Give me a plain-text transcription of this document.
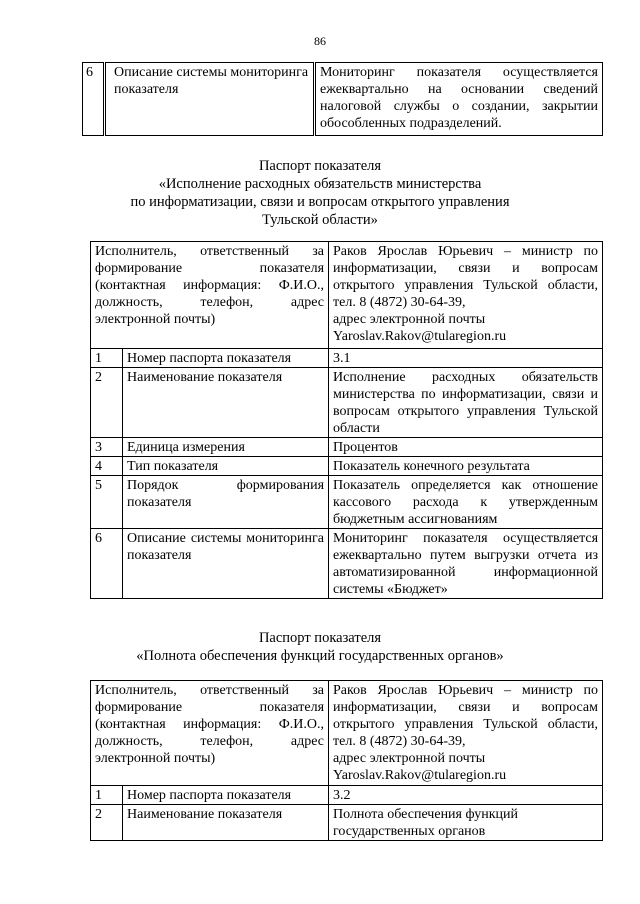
86
6	Описание системы мониторинга показателя	Мониторинг показателя осуществляется ежеквартально на основании сведений налоговой службы о создании, закрытии обособленных подразделений.
Паспорт показателя
«Исполнение расходных обязательств министерства
по информатизации, связи и вопросам открытого управления
Тульской области»
Исполнитель, ответственный за формирование показателя (контактная информация: Ф.И.О., должность, телефон, адрес электронной почты)		Раков Ярослав Юрьевич – министр по информатизации, связи и вопросам открытого управления Тульской области, тел. 8 (4872) 30-64-39,
адрес электронной почты
Yaroslav.Rakov@tularegion.ru

1	Номер паспорта показателя	3.1
2	Наименование показателя	Исполнение расходных обязательств министерства по информатизации, связи и вопросам открытого управления Тульской области
3	Единица измерения	Процентов
4	Тип показателя	Показатель конечного результата
5	Порядок формирования показателя	Показатель определяется как отношение кассового расхода к утвержденным бюджетным ассигнованиям
6	Описание системы мониторинга показателя	Мониторинг показателя осуществляется ежеквартально путем выгрузки отчета из автоматизированной информационной системы «Бюджет»
Паспорт показателя
«Полнота обеспечения функций государственных органов»
Исполнитель, ответственный за формирование показателя (контактная информация: Ф.И.О., должность, телефон, адрес электронной почты)		Раков Ярослав Юрьевич – министр по информатизации, связи и вопросам открытого управления Тульской области, тел. 8 (4872) 30-64-39,
адрес электронной почты
Yaroslav.Rakov@tularegion.ru

1	Номер паспорта показателя	3.2
2	Наименование показателя	Полнота обеспечения функций государственных органов
